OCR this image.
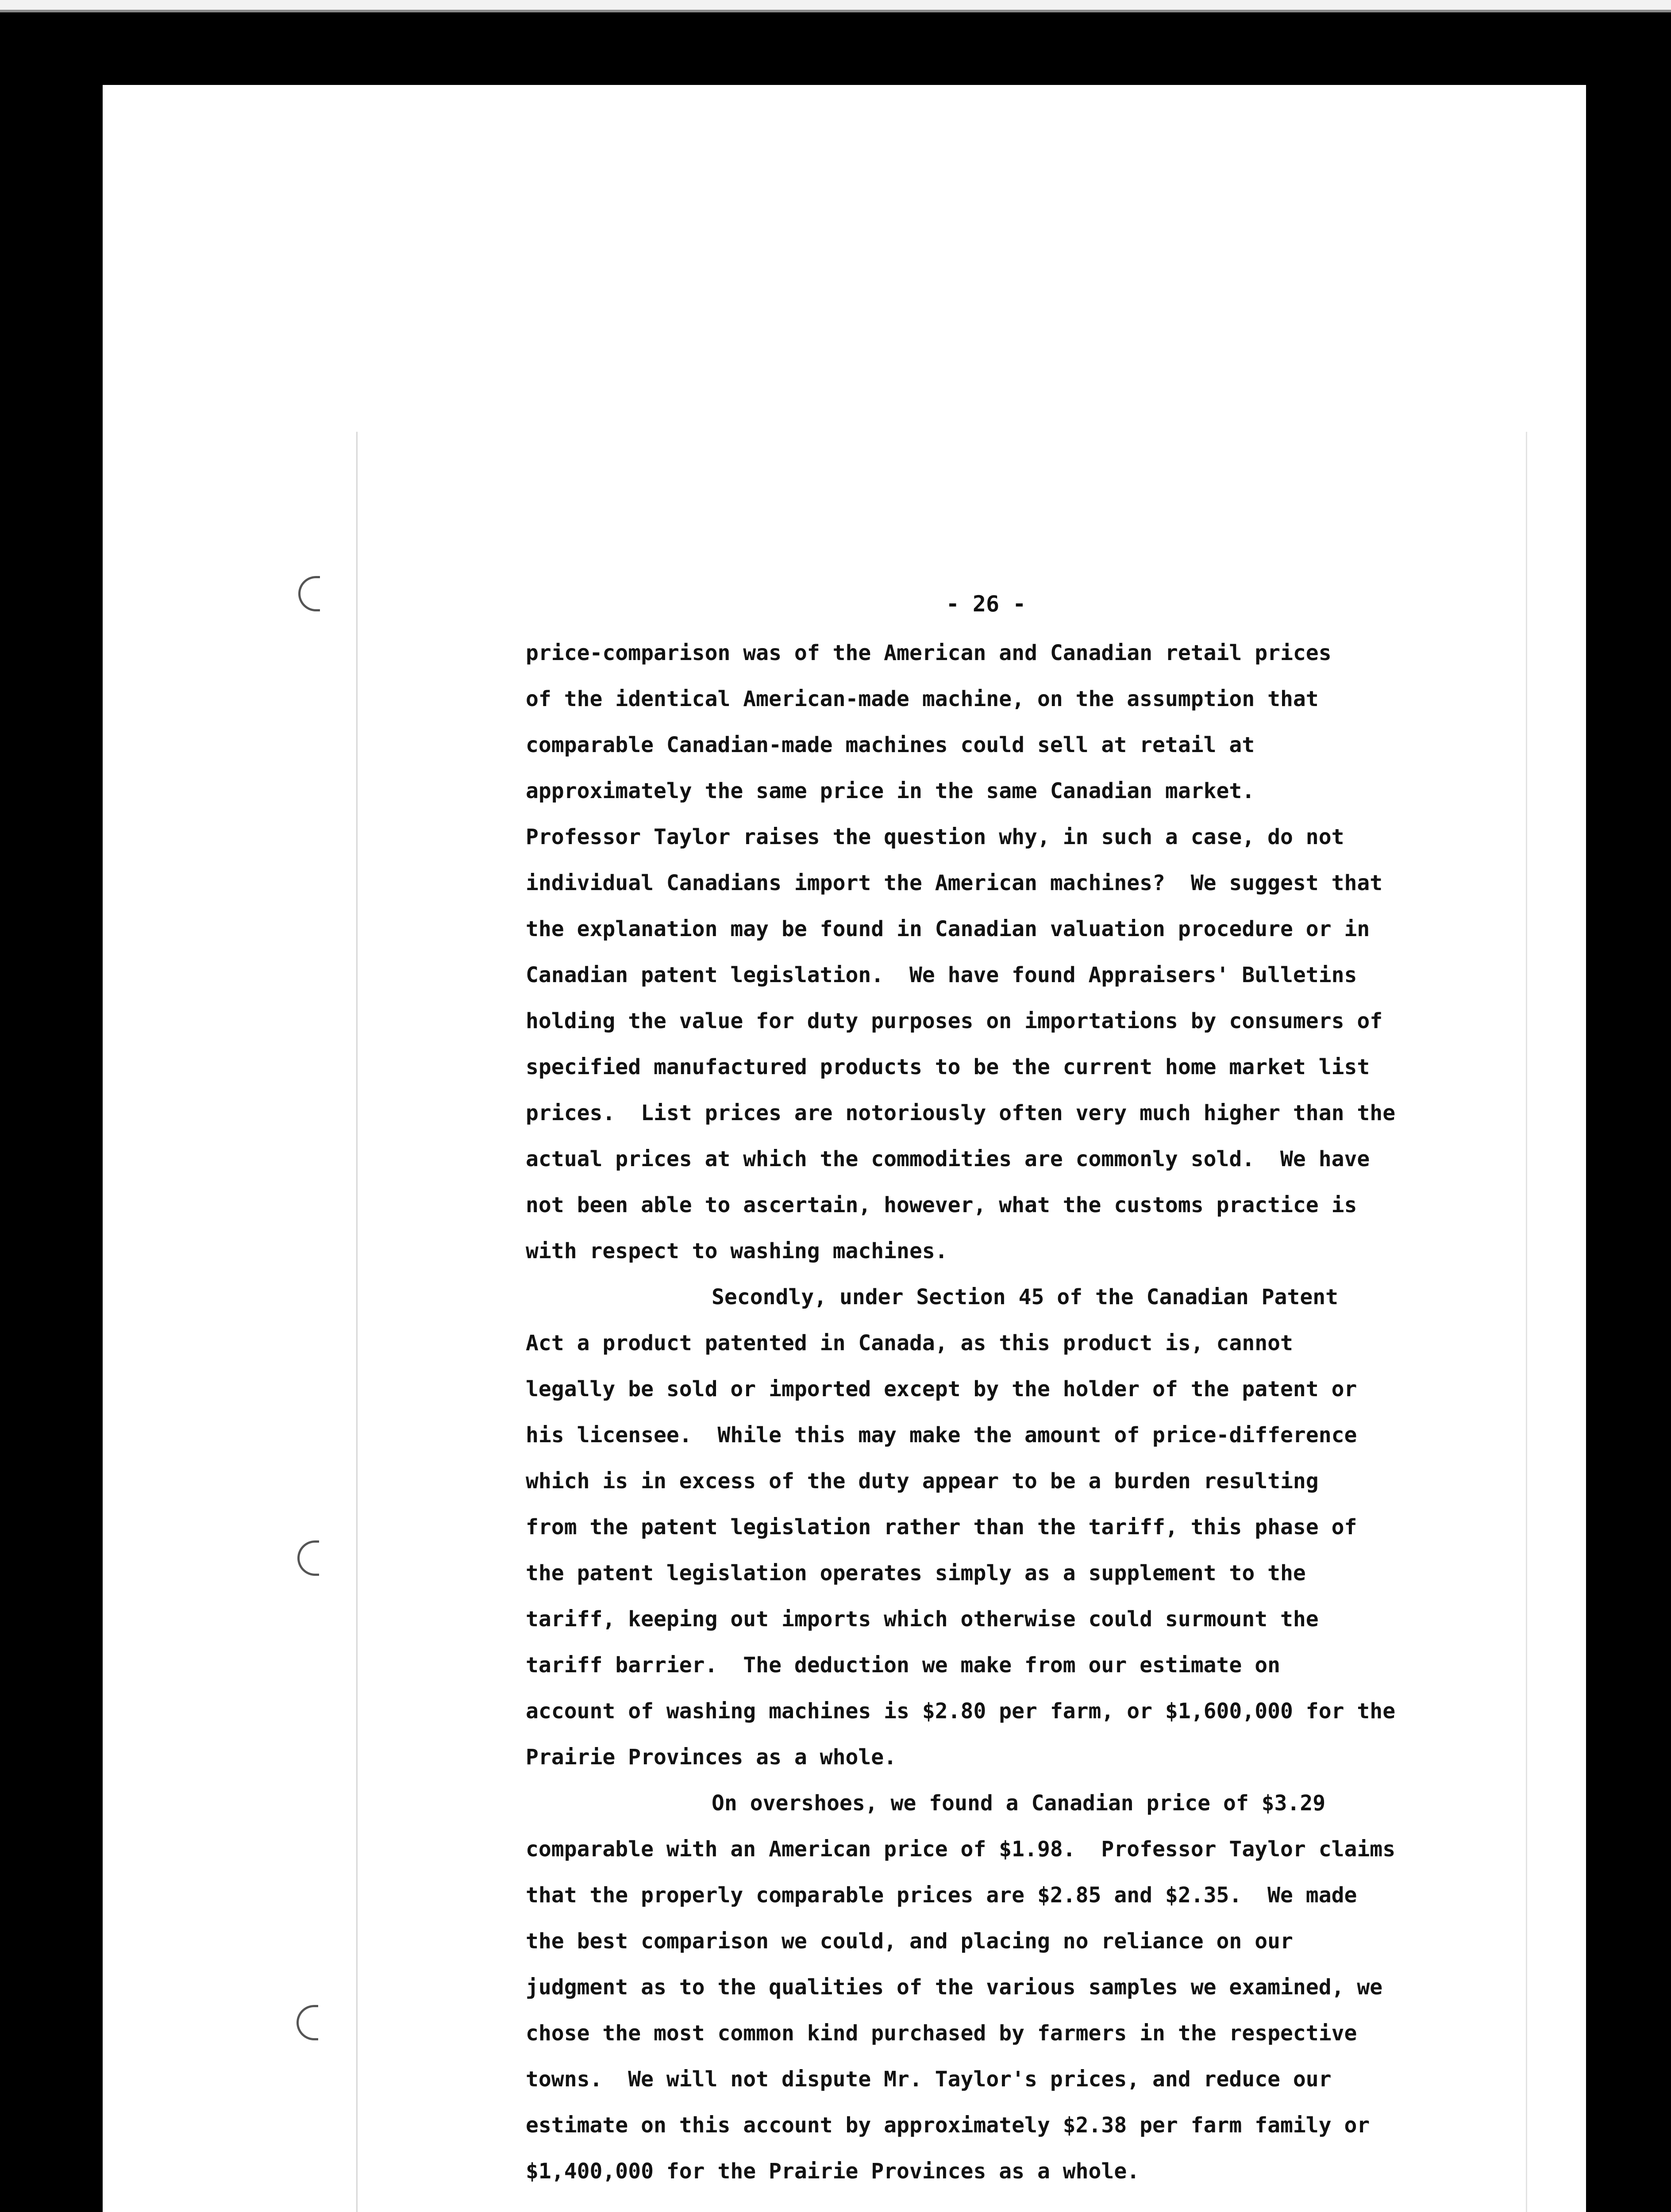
- 26 -
price-comparison was of the American and Canadian retail prices
of the identical American-made machine, on the assumption that
comparable Canadian-made machines could sell at retail at
approximately the same price in the same Canadian market.
Professor Taylor raises the question why, in such a case, do not
individual Canadians import the American machines?  We suggest that
the explanation may be found in Canadian valuation procedure or in
Canadian patent legislation.  We have found Appraisers' Bulletins
holding the value for duty purposes on importations by consumers of
specified manufactured products to be the current home market list
prices.  List prices are notoriously often very much higher than the
actual prices at which the commodities are commonly sold.  We have
not been able to ascertain, however, what the customs practice is
with respect to washing machines.
Secondly, under Section 45 of the Canadian Patent
Act a product patented in Canada, as this product is, cannot
legally be sold or imported except by the holder of the patent or
his licensee.  While this may make the amount of price-difference
which is in excess of the duty appear to be a burden resulting
from the patent legislation rather than the tariff, this phase of
the patent legislation operates simply as a supplement to the
tariff, keeping out imports which otherwise could surmount the
tariff barrier.  The deduction we make from our estimate on
account of washing machines is $2.80 per farm, or $1,600,000 for the
Prairie Provinces as a whole.
On overshoes, we found a Canadian price of $3.29
comparable with an American price of $1.98.  Professor Taylor claims
that the properly comparable prices are $2.85 and $2.35.  We made
the best comparison we could, and placing no reliance on our
judgment as to the qualities of the various samples we examined, we
chose the most common kind purchased by farmers in the respective
towns.  We will not dispute Mr. Taylor's prices, and reduce our
estimate on this account by approximately $2.38 per farm family or
$1,400,000 for the Prairie Provinces as a whole.
